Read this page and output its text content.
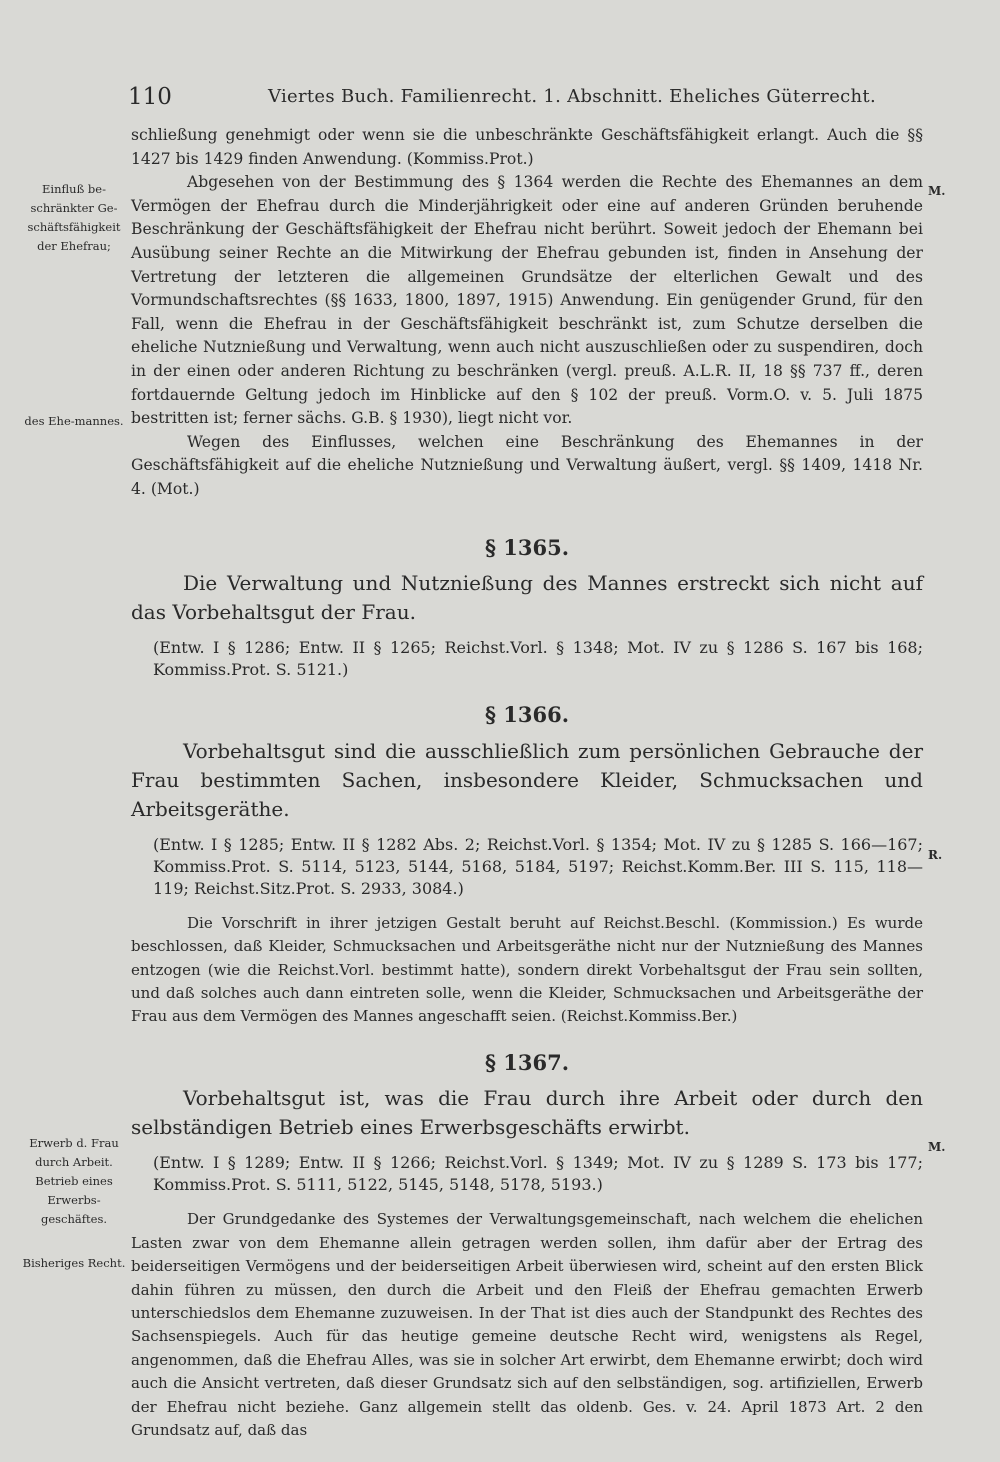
110	Viertes Buch. Familienrecht. 1. Abschnitt. Eheliches Güterrecht.
Einfluß be-schränkter Ge-schäftsfähigkeit der Ehefrau;
des Ehe-mannes.
Erwerb d. Frau durch Arbeit. Betrieb eines Erwerbs-geschäftes.
Bisheriges Recht.
M.
R.
M.

schließung genehmigt oder wenn sie die unbeschränkte Geschäftsfähigkeit erlangt. Auch die §§ 1427 bis 1429 finden Anwendung. (Kommiss.Prot.)

Abgesehen von der Bestimmung des § 1364 werden die Rechte des Ehemannes an dem Vermögen der Ehefrau durch die Minderjährigkeit oder eine auf anderen Gründen beruhende Beschränkung der Geschäftsfähigkeit der Ehefrau nicht berührt. Soweit jedoch der Ehemann bei Ausübung seiner Rechte an die Mitwirkung der Ehefrau gebunden ist, finden in Ansehung der Vertretung der letzteren die allgemeinen Grundsätze der elterlichen Gewalt und des Vormundschaftsrechtes (§§ 1633, 1800, 1897, 1915) Anwendung. Ein genügender Grund, für den Fall, wenn die Ehefrau in der Geschäftsfähigkeit beschränkt ist, zum Schutze derselben die eheliche Nutznießung und Verwaltung, wenn auch nicht auszuschließen oder zu suspendiren, doch in der einen oder anderen Richtung zu beschränken (vergl. preuß. A.L.R. II, 18 §§ 737 ff., deren fortdauernde Geltung jedoch im Hinblicke auf den § 102 der preuß. Vorm.O. v. 5. Juli 1875 bestritten ist; ferner sächs. G.B. § 1930), liegt nicht vor.

Wegen des Einflusses, welchen eine Beschränkung des Ehemannes in der Geschäftsfähigkeit auf die eheliche Nutznießung und Verwaltung äußert, vergl. §§ 1409, 1418 Nr. 4. (Mot.)

§ 1365.

Die Verwaltung und Nutznießung des Mannes erstreckt sich nicht auf das Vorbehaltsgut der Frau.

(Entw. I § 1286; Entw. II § 1265; Reichst.Vorl. § 1348; Mot. IV zu § 1286 S. 167 bis 168; Kommiss.Prot. S. 5121.)

§ 1366.

Vorbehaltsgut sind die ausschließlich zum persönlichen Gebrauche der Frau bestimmten Sachen, insbesondere Kleider, Schmucksachen und Arbeitsgeräthe.

(Entw. I § 1285; Entw. II § 1282 Abs. 2; Reichst.Vorl. § 1354; Mot. IV zu § 1285 S. 166—167; Kommiss.Prot. S. 5114, 5123, 5144, 5168, 5184, 5197; Reichst.Komm.Ber. III S. 115, 118—119; Reichst.Sitz.Prot. S. 2933, 3084.)

Die Vorschrift in ihrer jetzigen Gestalt beruht auf Reichst.Beschl. (Kommission.) Es wurde beschlossen, daß Kleider, Schmucksachen und Arbeitsgeräthe nicht nur der Nutznießung des Mannes entzogen (wie die Reichst.Vorl. bestimmt hatte), sondern direkt Vorbehaltsgut der Frau sein sollten, und daß solches auch dann eintreten solle, wenn die Kleider, Schmucksachen und Arbeitsgeräthe der Frau aus dem Vermögen des Mannes angeschafft seien. (Reichst.Kommiss.Ber.)

§ 1367.

Vorbehaltsgut ist, was die Frau durch ihre Arbeit oder durch den selbständigen Betrieb eines Erwerbsgeschäfts erwirbt.

(Entw. I § 1289; Entw. II § 1266; Reichst.Vorl. § 1349; Mot. IV zu § 1289 S. 173 bis 177; Kommiss.Prot. S. 5111, 5122, 5145, 5148, 5178, 5193.)

Der Grundgedanke des Systemes der Verwaltungsgemeinschaft, nach welchem die ehelichen Lasten zwar von dem Ehemanne allein getragen werden sollen, ihm dafür aber der Ertrag des beiderseitigen Vermögens und der beiderseitigen Arbeit überwiesen wird, scheint auf den ersten Blick dahin führen zu müssen, den durch die Arbeit und den Fleiß der Ehefrau gemachten Erwerb unterschiedslos dem Ehemanne zuzuweisen. In der That ist dies auch der Standpunkt des Rechtes des Sachsenspiegels. Auch für das heutige gemeine deutsche Recht wird, wenigstens als Regel, angenommen, daß die Ehefrau Alles, was sie in solcher Art erwirbt, dem Ehemanne erwirbt; doch wird auch die Ansicht vertreten, daß dieser Grundsatz sich auf den selbständigen, sog. artifiziellen, Erwerb der Ehefrau nicht beziehe. Ganz allgemein stellt das oldenb. Ges. v. 24. April 1873 Art. 2 den Grundsatz auf, daß das
